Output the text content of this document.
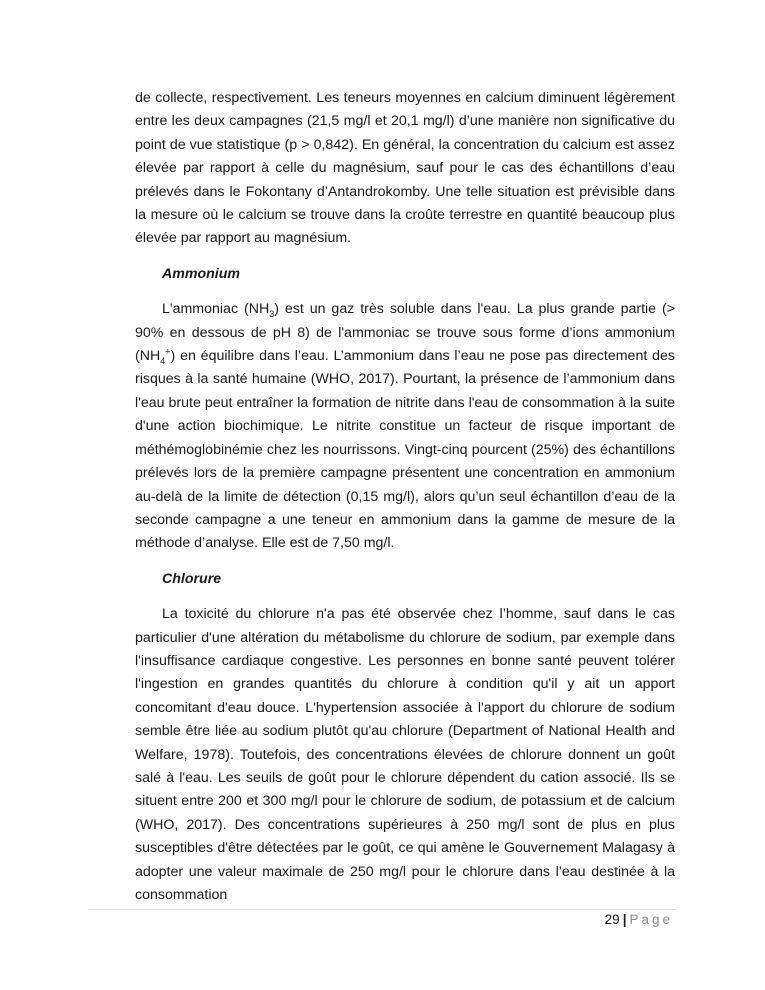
de collecte, respectivement. Les teneurs moyennes en calcium diminuent légèrement entre les deux campagnes (21,5 mg/l et 20,1 mg/l) d’une manière non significative du point de vue statistique (p > 0,842). En général, la concentration du calcium est assez élevée par rapport à celle du magnésium, sauf pour le cas des échantillons d’eau prélevés dans le Fokontany d’Antandrokomby. Une telle situation est prévisible dans la mesure où le calcium se trouve dans la croûte terrestre en quantité beaucoup plus élevée par rapport au magnésium.

Ammonium

L'ammoniac $(NH_3)$ est un gaz très soluble dans l'eau. La plus grande partie (> 90% en dessous de pH 8) de l'ammoniac se trouve sous forme d’ions ammonium $(NH_4^+)$ en équilibre dans l’eau. L’ammonium dans l’eau ne pose pas directement des risques à la santé humaine (WHO, 2017). Pourtant, la présence de l’ammonium dans l'eau brute peut entraîner la formation de nitrite dans l'eau de consommation à la suite d'une action biochimique. Le nitrite constitue un facteur de risque important de méthémoglobinémie chez les nourrissons. Vingt-cinq pourcent (25%) des échantillons prélevés lors de la première campagne présentent une concentration en ammonium au-delà de la limite de détection (0,15 mg/l), alors qu’un seul échantillon d’eau de la seconde campagne a une teneur en ammonium dans la gamme de mesure de la méthode d’analyse. Elle est de 7,50 mg/l.

Chlorure

La toxicité du chlorure n'a pas été observée chez l’homme, sauf dans le cas particulier d'une altération du métabolisme du chlorure de sodium, par exemple dans l'insuffisance cardiaque congestive. Les personnes en bonne santé peuvent tolérer l'ingestion en grandes quantités du chlorure à condition qu'il y ait un apport concomitant d'eau douce. L'hypertension associée à l'apport du chlorure de sodium semble être liée au sodium plutôt qu'au chlorure (Department of National Health and Welfare, 1978). Toutefois, des concentrations élevées de chlorure donnent un goût salé à l'eau. Les seuils de goût pour le chlorure dépendent du cation associé. Ils se situent entre 200 et 300 mg/l pour le chlorure de sodium, de potassium et de calcium (WHO, 2017). Des concentrations supérieures à 250 mg/l sont de plus en plus susceptibles d'être détectées par le goût, ce qui amène le Gouvernement Malagasy à adopter une valeur maximale de 250 mg/l pour le chlorure dans l’eau destinée à la consommation

29 | Page
